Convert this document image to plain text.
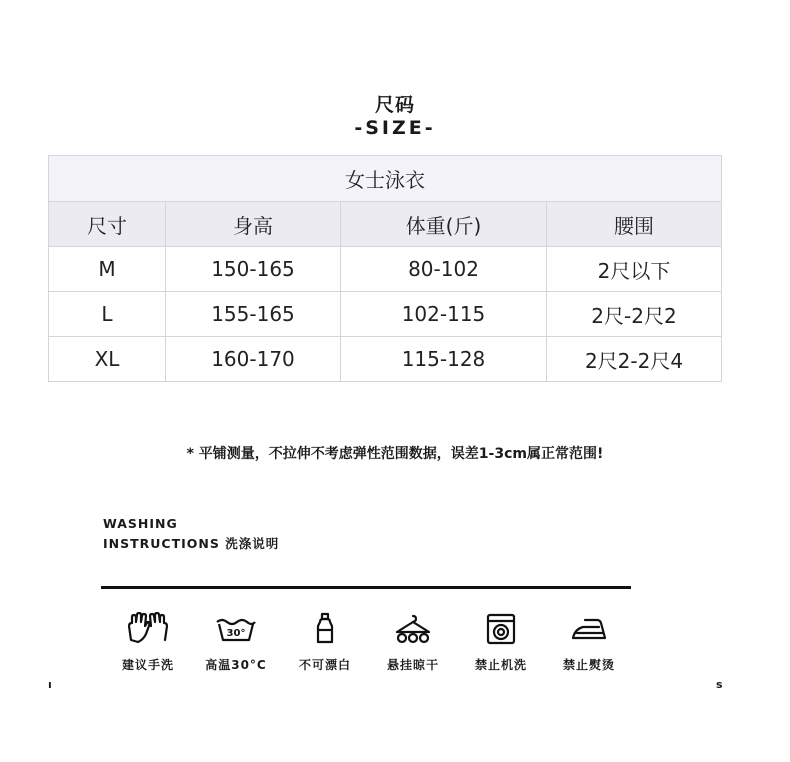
尺码
-SIZE-
女士泳衣			
尺寸	身高	体重(斤)	腰围
M	150-165	80-102	2尺以下
L	155-165	102-115	2尺-2尺2
XL	160-170	115-128	2尺2-2尺4
* 平铺测量，不拉伸不考虑弹性范围数据，误差1-3cm属正常范围!
WASHING
INSTRUCTIONS 洗涤说明
建议手洗
30°
高温30°C	不可漂白	悬挂晾干	禁止机洗	禁止熨烫
ı	s
